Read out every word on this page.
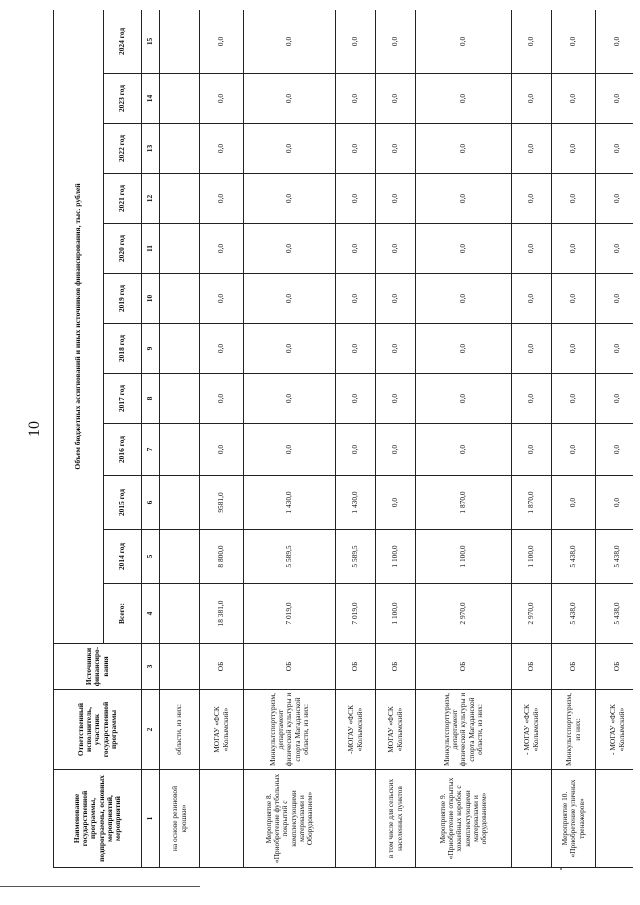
10
Наименование государственной программы, подпрограммы, основных мероприятий, мероприятий	Ответственный исполнитель, участник государственной программы	Источники финансиро-вания	Объем бюджетных ассигнований и иных источников финансирования, тыс. рублей											
			Всего:	2014 год	2015 год	2016 год	2017 год	2018 год	2019 год	2020 год	2021 год	2022 год	2023 год	2024 год
1	2	3	4	5	6	7	8	9	10	11	12	13	14	15
на основе резиновой крошки»	области, из них:													
	МОГАУ «ФСК «Колымский»	ОБ	18 381,0	8 800,0	9581,0	0,0	0,0	0,0	0,0	0,0	0,0	0,0	0,0	0,0
Мероприятие 8. «Приобретение футбольных покрытий с комплектующими материалами и Оборудованием»	Минкультспорттуризм, департамент физической культуры и спорта Магаданской области, из них:	ОБ	7 019,0	5 589,5	1 430,0	0,0	0,0	0,0	0,0	0,0	0,0	0,0	0,0	0,0
	-МОГАУ «ФСК «Колымский»	ОБ	7 019,0	5 589,5	1 430,0	0,0	0,0	0,0	0,0	0,0	0,0	0,0	0,0	0,0
в том числе для сельских населенных пунктов	МОГАУ «ФСК «Колымский»	ОБ	1 100,0	1 100,0	0,0	0,0	0,0	0,0	0,0	0,0	0,0	0,0	0,0	0,0
Мероприятие 9. «Приобретение открытых хоккейных коробок с комплектующими материалами и оборудованием»	Минкультспорттуризм, департамент физической культуры и спорта Магаданской области, из них:	ОБ	2 970,0	1 100,0	1 870,0	0,0	0,0	0,0	0,0	0,0	0,0	0,0	0,0	0,0
	- МОГАУ «ФСК «Колымский»	ОБ	2 970,0	1 100,0	1 870,0	0,0	0,0	0,0	0,0	0,0	0,0	0,0	0,0	0,0
Мероприятие 10. «Приобретение уличных тренажеров»	Минкультспорттуризм, из них:	ОБ	5 438,0	5 438,0	0,0	0,0	0,0	0,0	0,0	0,0	0,0	0,0	0,0	0,0
	- МОГАУ «ФСК «Колымский»	ОБ	5 438,0	5 438,0	0,0	0,0	0,0	0,0	0,0	0,0	0,0	0,0	0,0	0,0
